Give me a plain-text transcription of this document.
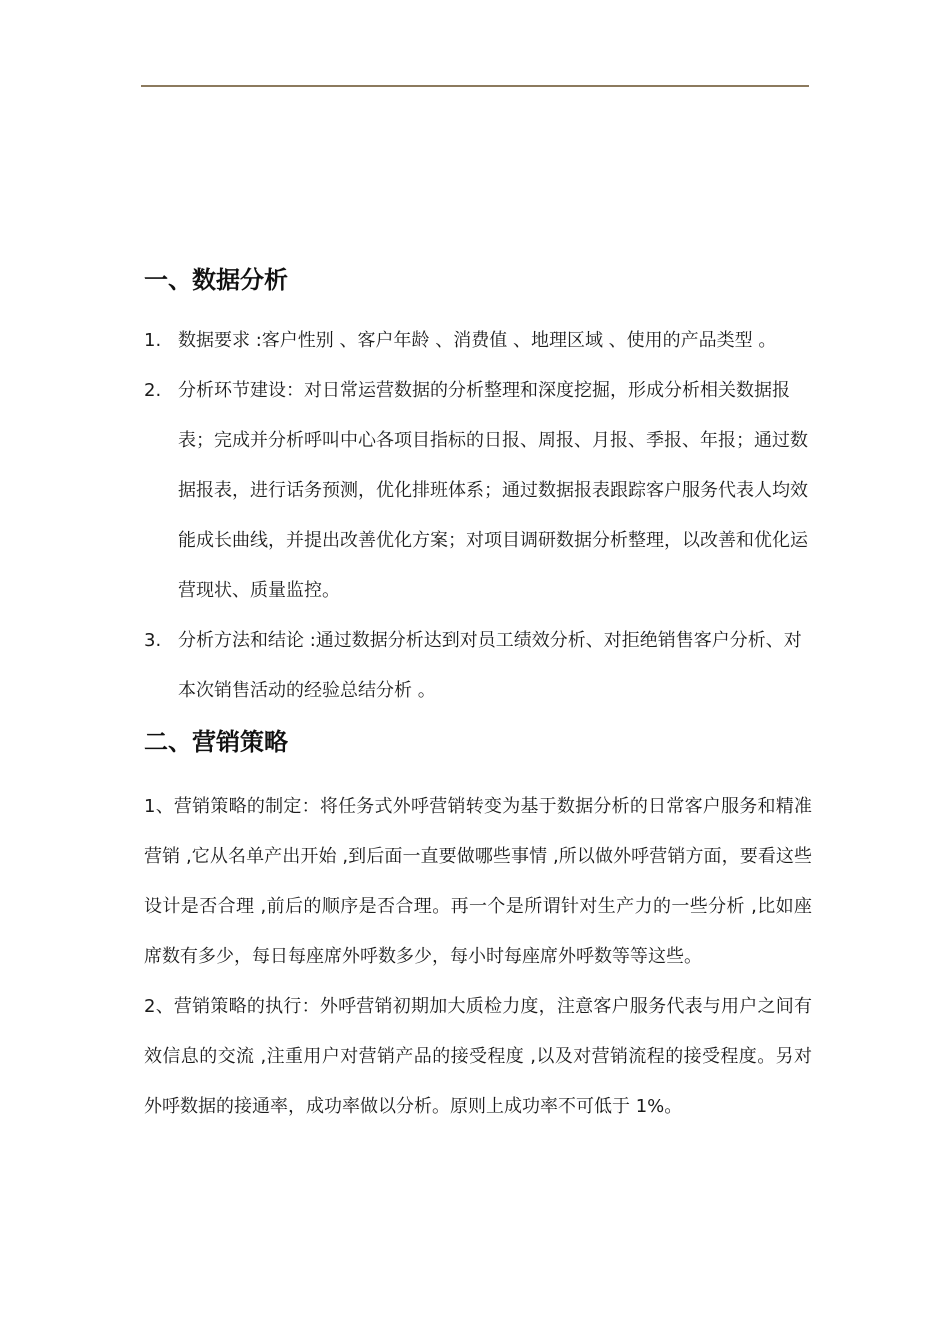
一、数据分析
1. 数据要求 :客户性别 、客户年龄 、消费值 、地理区域 、使用的产品类型 。
2. 分析环节建设：对日常运营数据的分析整理和深度挖掘，形成分析相关数据报表；完成并分析呼叫中心各项目指标的日报、周报、月报、季报、年报；通过数据报表，进行话务预测，优化排班体系；通过数据报表跟踪客户服务代表人均效能成长曲线，并提出改善优化方案；对项目调研数据分析整理，以改善和优化运营现状、质量监控。
3. 分析方法和结论 :通过数据分析达到对员工绩效分析、对拒绝销售客户分析、对本次销售活动的经验总结分析 。
二、营销策略

1、营销策略的制定：将任务式外呼营销转变为基于数据分析的日常客户服务和精准营销 ,它从名单产出开始 ,到后面一直要做哪些事情 ,所以做外呼营销方面，要看这些设计是否合理 ,前后的顺序是否合理。再一个是所谓针对生产力的一些分析 ,比如座席数有多少，每日每座席外呼数多少，每小时每座席外呼数等等这些。

2、营销策略的执行：外呼营销初期加大质检力度，注意客户服务代表与用户之间有效信息的交流 ,注重用户对营销产品的接受程度 ,以及对营销流程的接受程度。另对外呼数据的接通率，成功率做以分析。原则上成功率不可低于 1%。
